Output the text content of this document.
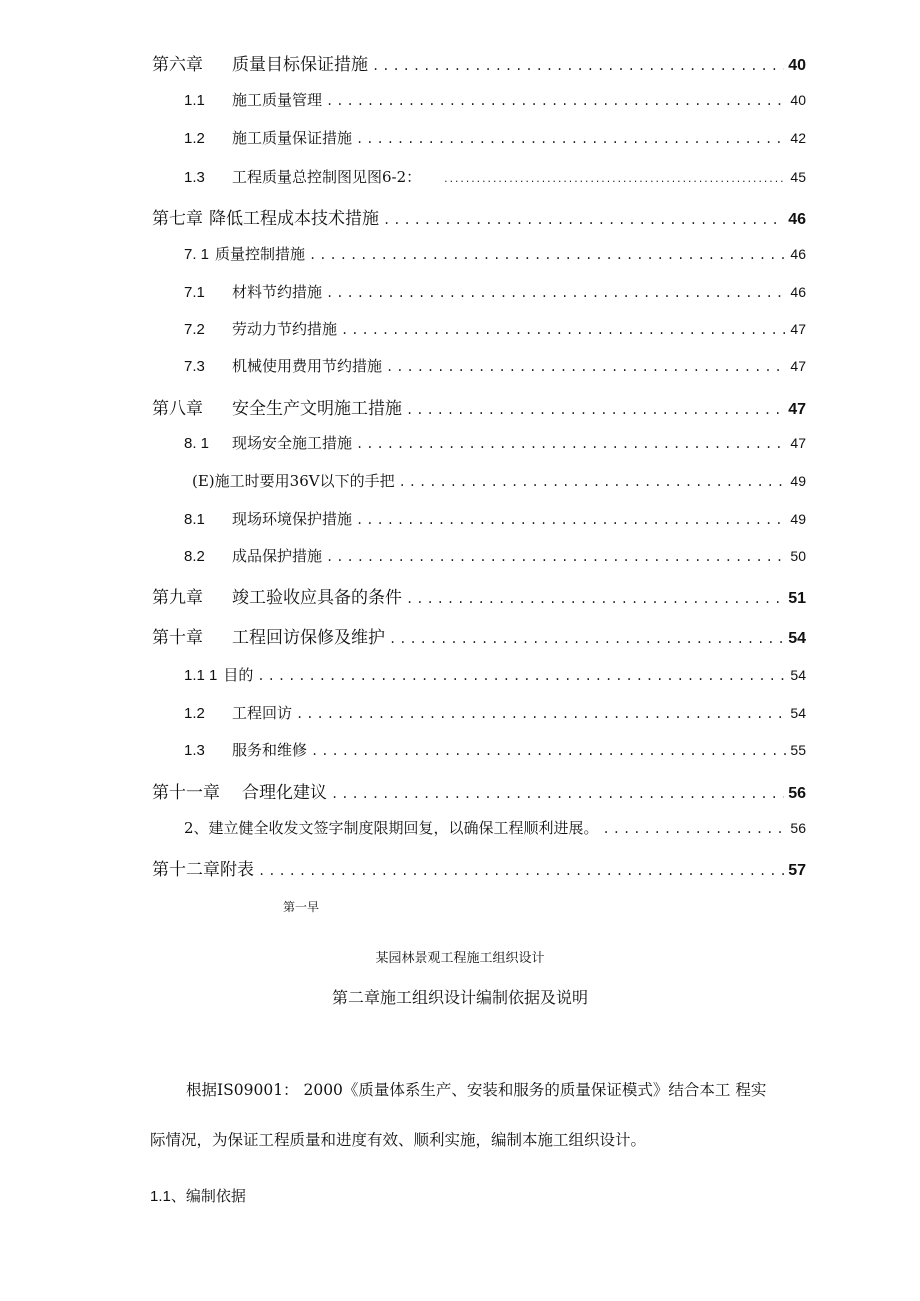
第六章	质量目标保证措施 .....	40
1.1	施工质量管理 .....	40
1.2	施工质量保证措施 .....	42
1.3	工程质量总控制图见图6-2： .....	45
第七章 降低工程成本技术措施 .....	46
7. 1 质量控制措施 .....	46
7.1	材料节约措施 .....	46
7.2	劳动力节约措施 .....	47
7.3	机械使用费用节约措施 .....	47
第八章	安全生产文明施工措施 .....	47
8. 1	现场安全施工措施 .....	47
(E)施工时要用36V以下的手把 .....	49
8.1	现场环境保护措施 .....	49
8.2	成品保护措施 .....	50
第九章	竣工验收应具备的条件 .....	51
第十章	工程回访保修及维护 .....	54
1.1 1 目的 .....	54
1.2	工程回访 .....	54
1.3	服务和维修 .....	55
第十一章	合理化建议 .....	56
2、建立健全收发文签字制度限期回复，以确保工程顺利进展。 .....	56
第十二章附表 .....	57
第一早
某园林景观工程施工组织设计
第二章施工组织设计编制依据及说明
根据IS09001： 2000《质量体系生产、安装和服务的质量保证模式》结合本工 程实
际情况，为保证工程质量和进度有效、顺利实施，编制本施工组织设计。
1.1、编制依据
